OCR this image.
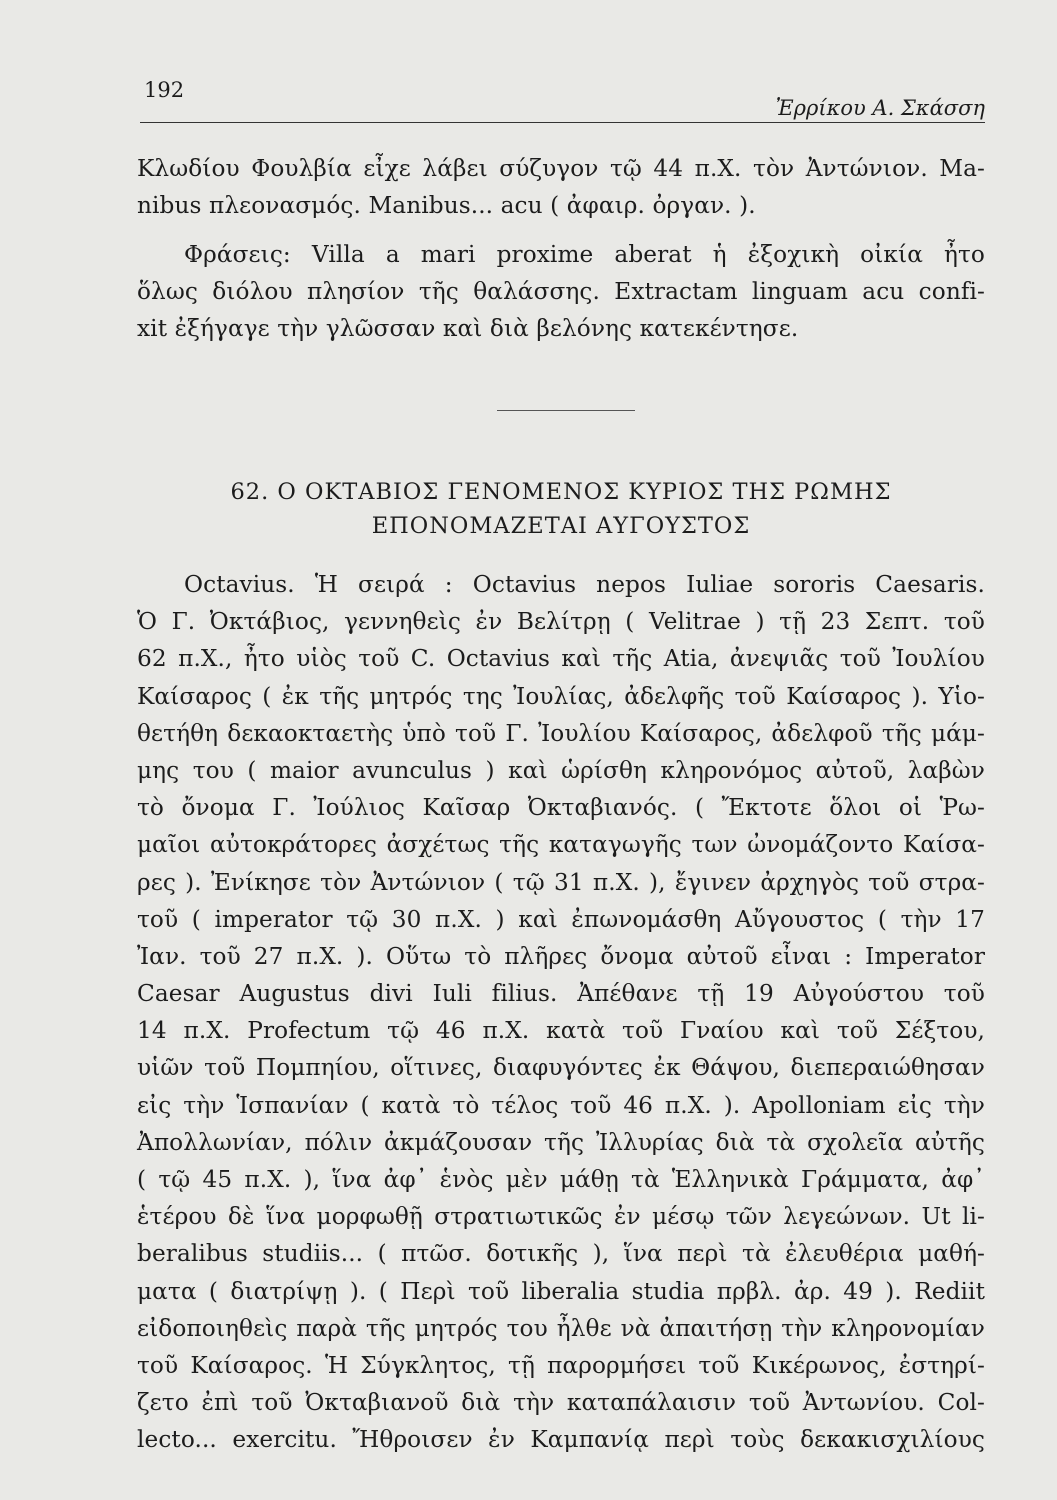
192
Ἐρρίκου Α. Σκάσση
Κλωδίου Φουλβία εἶχε λάβει σύζυγον τῷ 44 π.Χ. τὸν Ἀντώνιον. Ma-
nibus πλεονασμός. Manibus... acu ( ἀφαιρ. ὀργαν. ).
Φράσεις: Villa a mari proxime aberat ἡ ἐξοχικὴ οἰκία ἦτο
ὅλως διόλου πλησίον τῆς θαλάσσης. Extractam linguam acu confi-
xit ἐξήγαγε τὴν γλῶσσαν καὶ διὰ βελόνης κατεκέντησε.
62. Ο ΟΚΤΑΒΙΟΣ ΓΕΝΟΜΕΝΟΣ ΚΥΡΙΟΣ ΤΗΣ ΡΩΜΗΣ
ΕΠΟΝΟΜΑΖΕΤΑΙ ΑΥΓΟΥΣΤΟΣ
Octavius. Ἡ σειρά : Octavius nepos Iuliae sororis Caesaris.
Ὁ Γ. Ὀκτάβιος, γεννηθεὶς ἐν Βελίτρῃ ( Velitrae ) τῇ 23 Σεπτ. τοῦ
62 π.Χ., ἦτο υἱὸς τοῦ C. Octavius καὶ τῆς Atia, ἀνεψιᾶς τοῦ Ἰουλίου
Καίσαρος ( ἐκ τῆς μητρός της Ἰουλίας, ἀδελφῆς τοῦ Καίσαρος ). Υἱο-
θετήθη δεκαοκταετὴς ὑπὸ τοῦ Γ. Ἰουλίου Καίσαρος, ἀδελφοῦ τῆς μάμ-
μης του ( maior avunculus ) καὶ ὡρίσθη κληρονόμος αὐτοῦ, λαβὼν
τὸ ὄνομα Γ. Ἰούλιος Καῖσαρ Ὀκταβιανός. ( Ἔκτοτε ὅλοι οἱ Ῥω-
μαῖοι αὐτοκράτορες ἀσχέτως τῆς καταγωγῆς των ὠνομάζοντο Καίσα-
ρες ). Ἐνίκησε τὸν Ἀντώνιον ( τῷ 31 π.Χ. ), ἔγινεν ἀρχηγὸς τοῦ στρα-
τοῦ ( imperator τῷ 30 π.Χ. ) καὶ ἐπωνομάσθη Αὔγουστος ( τὴν 17
Ἰαν. τοῦ 27 π.Χ. ). Οὕτω τὸ πλῆρες ὄνομα αὐτοῦ εἶναι : Imperator
Caesar Augustus divi Iuli filius. Ἀπέθανε τῇ 19 Αὐγούστου τοῦ
14 π.Χ. Profectum τῷ 46 π.Χ. κατὰ τοῦ Γναίου καὶ τοῦ Σέξτου,
υἱῶν τοῦ Πομπηίου, οἵτινες, διαφυγόντες ἐκ Θάψου, διεπεραιώθησαν
εἰς τὴν Ἱσπανίαν ( κατὰ τὸ τέλος τοῦ 46 π.Χ. ). Apolloniam εἰς τὴν
Ἀπολλωνίαν, πόλιν ἀκμάζουσαν τῆς Ἰλλυρίας διὰ τὰ σχολεῖα αὐτῆς
( τῷ 45 π.Χ. ), ἵνα ἀφ᾽ ἑνὸς μὲν μάθῃ τὰ Ἑλληνικὰ Γράμματα, ἀφ᾽
ἑτέρου δὲ ἵνα μορφωθῇ στρατιωτικῶς ἐν μέσῳ τῶν λεγεώνων. Ut li-
beralibus studiis... ( πτῶσ. δοτικῆς ), ἵνα περὶ τὰ ἐλευθέρια μαθή-
ματα ( διατρίψῃ ). ( Περὶ τοῦ liberalia studia πρβλ. ἀρ. 49 ). Rediit
εἰδοποιηθεὶς παρὰ τῆς μητρός του ἦλθε νὰ ἀπαιτήσῃ τὴν κληρονομίαν
τοῦ Καίσαρος. Ἡ Σύγκλητος, τῇ παρορμήσει τοῦ Κικέρωνος, ἐστηρί-
ζετο ἐπὶ τοῦ Ὀκταβιανοῦ διὰ τὴν καταπάλαισιν τοῦ Ἀντωνίου. Col-
lecto... exercitu. Ἤθροισεν ἐν Καμπανίᾳ περὶ τοὺς δεκακισχιλίους
